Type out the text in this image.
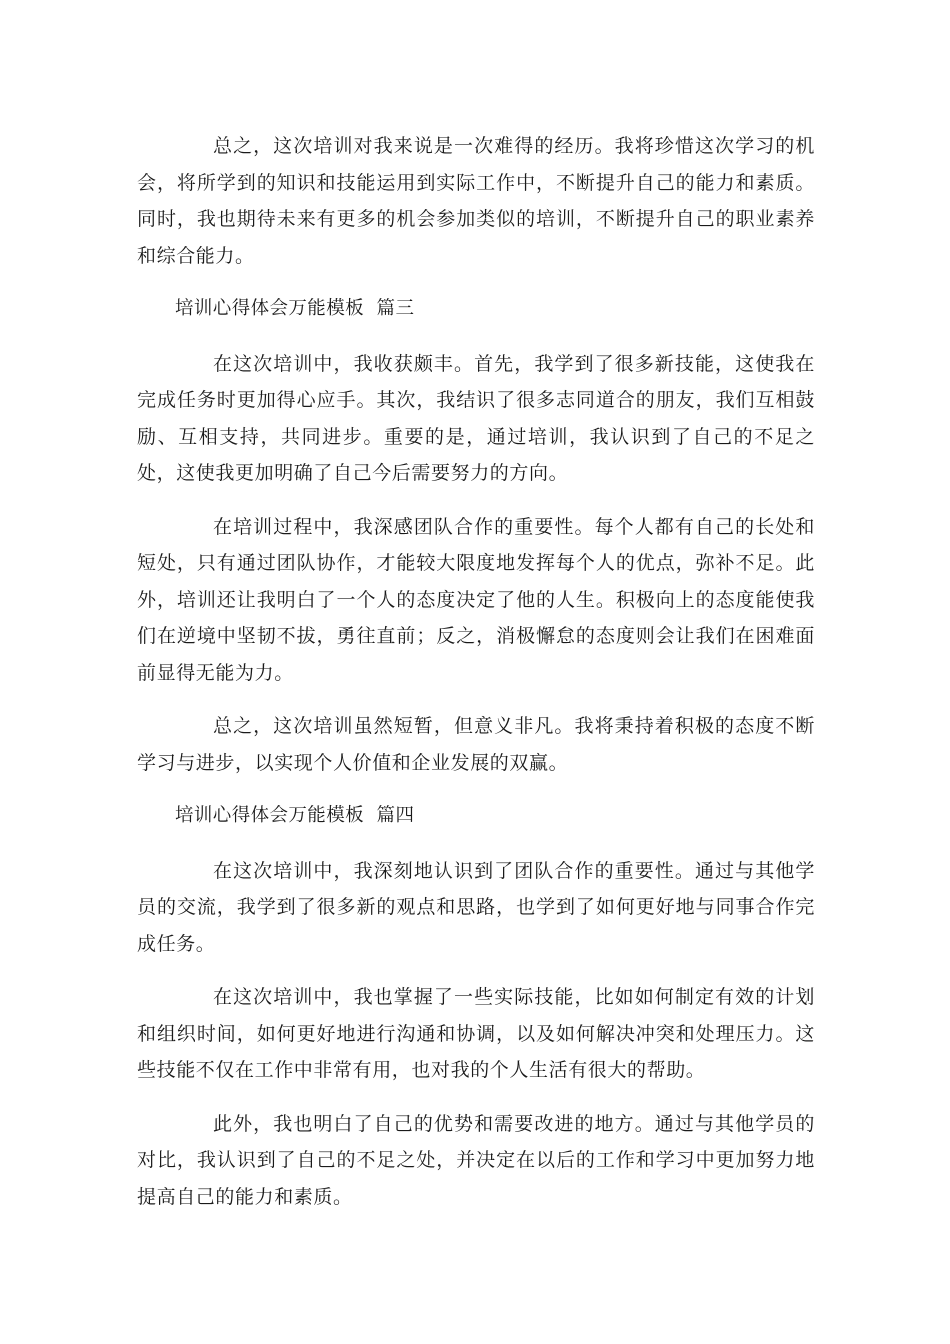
总之，这次培训对我来说是一次难得的经历。我将珍惜这次学习的机会，将所学到的知识和技能运用到实际工作中，不断提升自己的能力和素质。同时，我也期待未来有更多的机会参加类似的培训，不断提升自己的职业素养和综合能力。

培训心得体会万能模板  篇三

在这次培训中，我收获颇丰。首先，我学到了很多新技能，这使我在完成任务时更加得心应手。其次，我结识了很多志同道合的朋友，我们互相鼓励、互相支持，共同进步。重要的是，通过培训，我认识到了自己的不足之处，这使我更加明确了自己今后需要努力的方向。

在培训过程中，我深感团队合作的重要性。每个人都有自己的长处和短处，只有通过团队协作，才能较大限度地发挥每个人的优点，弥补不足。此外，培训还让我明白了一个人的态度决定了他的人生。积极向上的态度能使我们在逆境中坚韧不拔，勇往直前；反之，消极懈怠的态度则会让我们在困难面前显得无能为力。

总之，这次培训虽然短暂，但意义非凡。我将秉持着积极的态度不断学习与进步，以实现个人价值和企业发展的双赢。

培训心得体会万能模板  篇四

在这次培训中，我深刻地认识到了团队合作的重要性。通过与其他学员的交流，我学到了很多新的观点和思路，也学到了如何更好地与同事合作完成任务。

在这次培训中，我也掌握了一些实际技能，比如如何制定有效的计划和组织时间，如何更好地进行沟通和协调，以及如何解决冲突和处理压力。这些技能不仅在工作中非常有用，也对我的个人生活有很大的帮助。

此外，我也明白了自己的优势和需要改进的地方。通过与其他学员的对比，我认识到了自己的不足之处，并决定在以后的工作和学习中更加努力地提高自己的能力和素质。
